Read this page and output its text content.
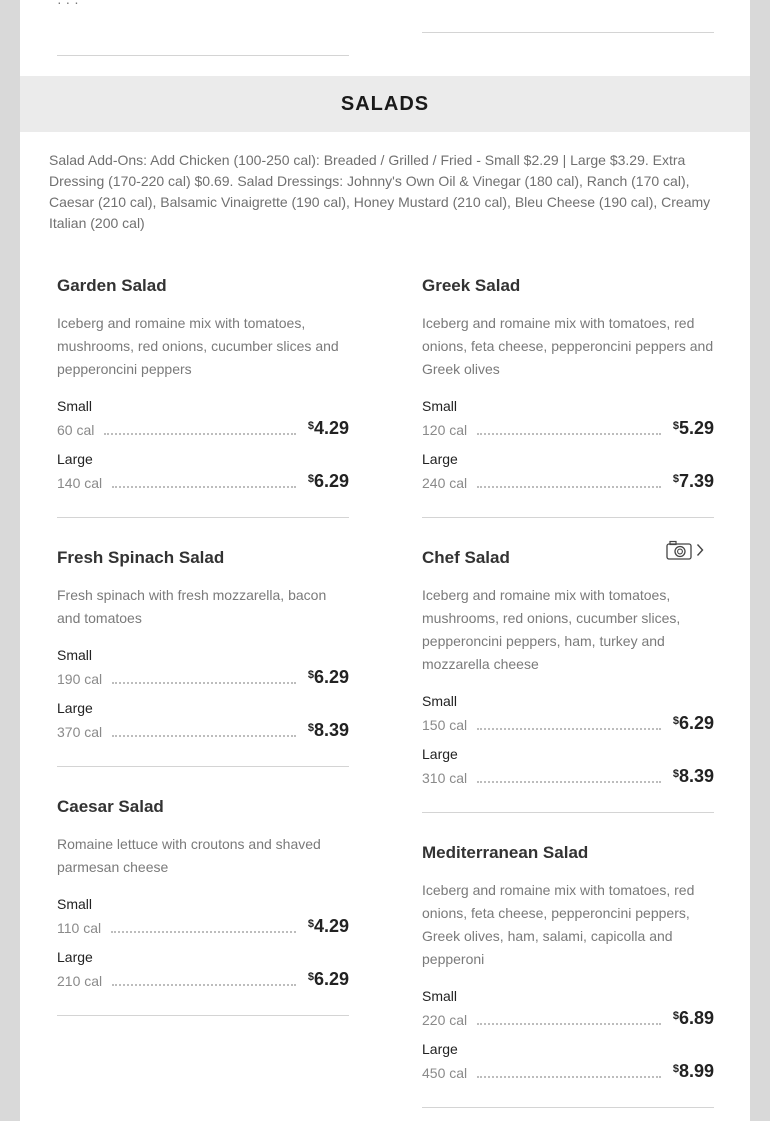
· · ·
SALADS
Salad Add-Ons: Add Chicken (100-250 cal): Breaded / Grilled / Fried - Small $2.29 | Large $3.29. Extra Dressing (170-220 cal) $0.69. Salad Dressings: Johnny's Own Oil & Vinegar (180 cal), Ranch (170 cal), Caesar (210 cal), Balsamic Vinaigrette (190 cal), Honey Mustard (210 cal), Bleu Cheese (190 cal), Creamy Italian (200 cal)
Garden Salad
Iceberg and romaine mix with tomatoes, mushrooms, red onions, cucumber slices and pepperoncini peppers
Small
60 cal	$4.29
Large
140 cal	$6.29
Greek Salad
Iceberg and romaine mix with tomatoes, red onions, feta cheese, pepperoncini peppers and Greek olives
Small
120 cal	$5.29
Large
240 cal	$7.39
Fresh Spinach Salad
Fresh spinach with fresh mozzarella, bacon and tomatoes
Small
190 cal	$6.29
Large
370 cal	$8.39
Chef Salad
Iceberg and romaine mix with tomatoes, mushrooms, red onions, cucumber slices, pepperoncini peppers, ham, turkey and mozzarella cheese
Small
150 cal	$6.29
Large
310 cal	$8.39
Caesar Salad
Romaine lettuce with croutons and shaved parmesan cheese
Small
110 cal	$4.29
Large
210 cal	$6.29
Mediterranean Salad
Iceberg and romaine mix with tomatoes, red onions, feta cheese, pepperoncini peppers, Greek olives, ham, salami, capicolla and pepperoni
Small
220 cal	$6.89
Large
450 cal	$8.99
